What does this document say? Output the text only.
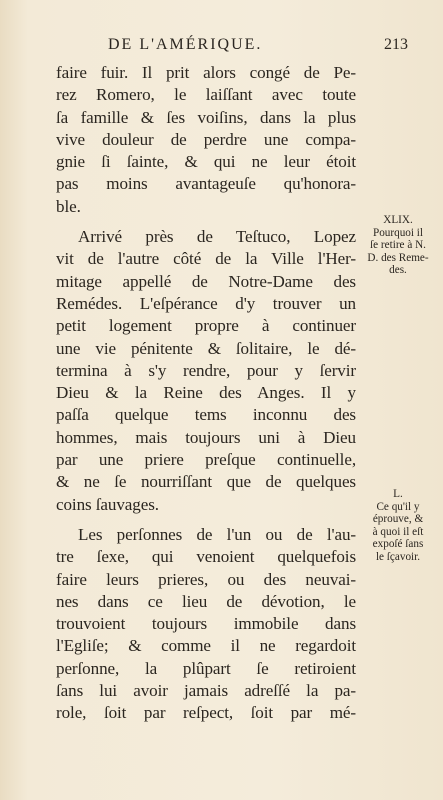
DE L'AMÉRIQUE.	213
faire fuir. Il prit alors congé de Pe-
rez Romero, le laiſſant avec toute
ſa famille & ſes voiſins, dans la plus
vive douleur de perdre une compa-
gnie ſi ſainte, & qui ne leur étoit
pas moins avantageuſe qu'honora-
ble.
Arrivé près de Teſtuco, Lopez
vit de l'autre côté de la Ville l'Her-
mitage appellé de Notre-Dame des
Remédes. L'eſpérance d'y trouver un
petit logement propre à continuer
une vie pénitente & ſolitaire, le dé-
termina à s'y rendre, pour y ſervir
Dieu & la Reine des Anges. Il y
paſſa quelque tems inconnu des
hommes, mais toujours uni à Dieu
par une priere preſque continuelle,
& ne ſe nourriſſant que de quelques
coins ſauvages.
Les perſonnes de l'un ou de l'au-
tre ſexe, qui venoient quelquefois
faire leurs prieres, ou des neuvai-
nes dans ce lieu de dévotion, le
trouvoient toujours immobile dans
l'Egliſe; & comme il ne regardoit
perſonne, la plûpart ſe retiroient
ſans lui avoir jamais adreſſé la pa-
role, ſoit par reſpect, ſoit par mé-
XLIX.
Pourquoi il
ſe retire à N.
D. des Reme-
des.
L.
Ce qu'il y
éprouve, &
à quoi il eſt
expoſé ſans
le ſçavoir.
